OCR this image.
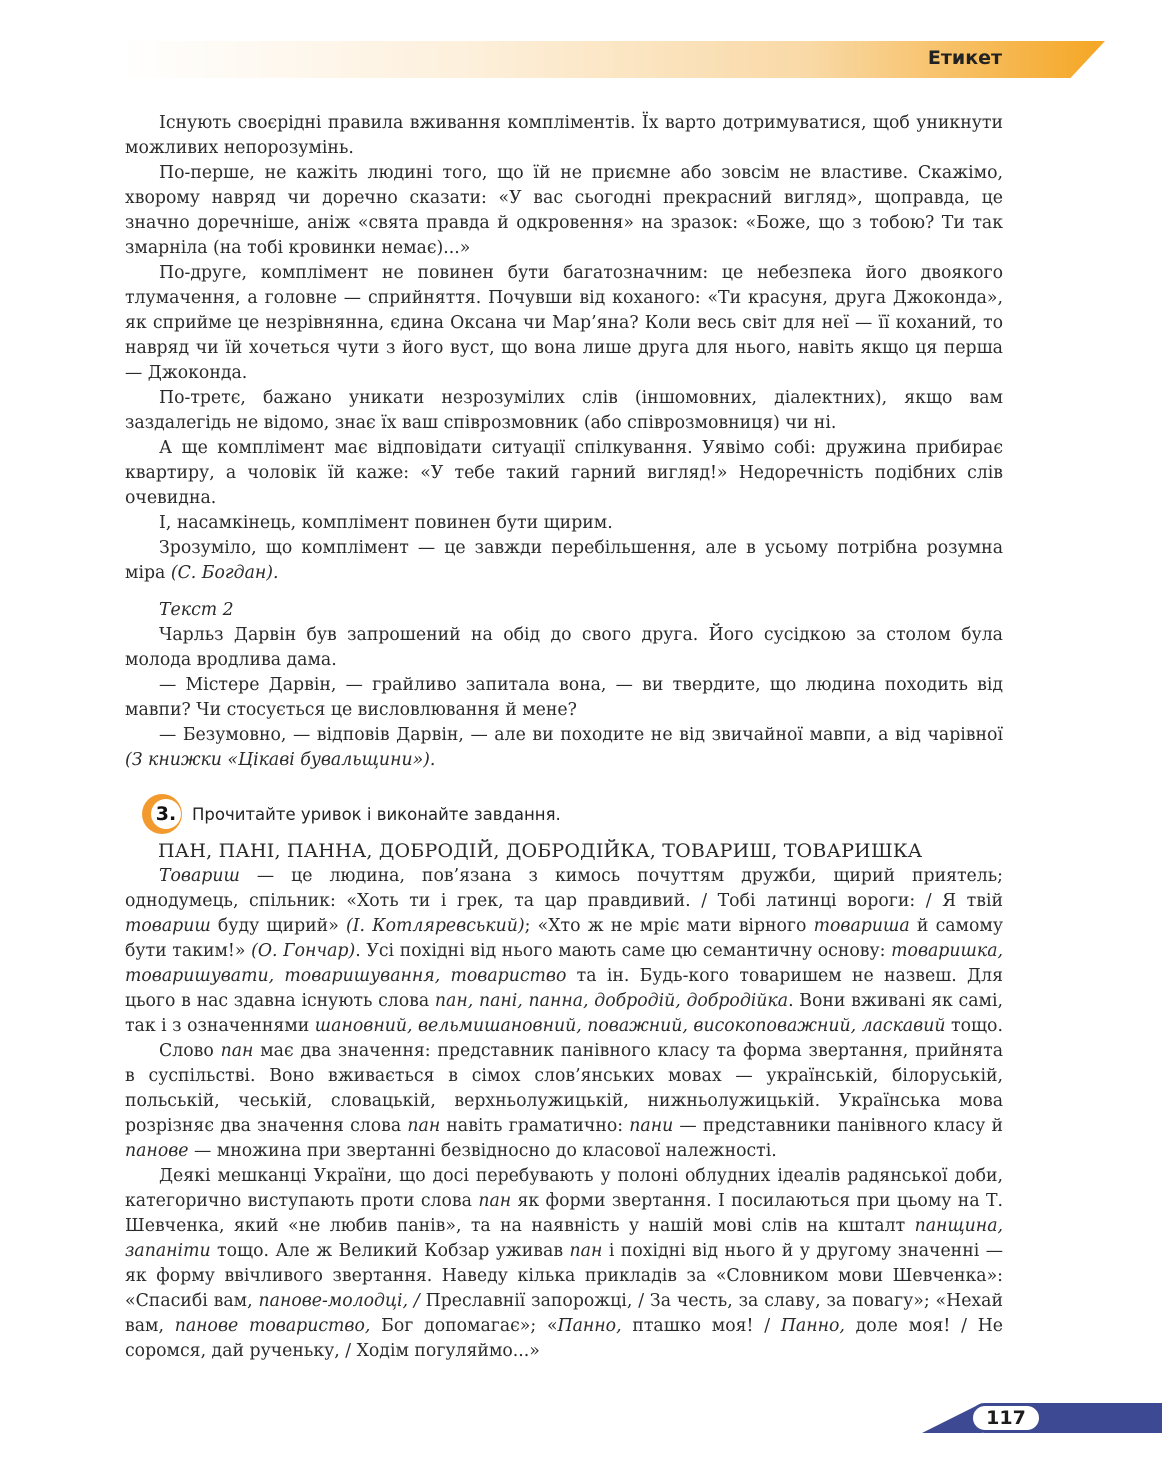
Етикет

Існують своєрідні правила вживання компліментів. Їх варто дотримуватися, щоб уникнути можливих непорозумінь.

По-перше, не кажіть людині того, що їй не приємне або зовсім не властиве. Скажімо, хворому навряд чи доречно сказати: «У вас сьогодні прекрасний вигляд», щоправда, це значно доречніше, аніж «свята правда й одкровення» на зразок: «Боже, що з тобою? Ти так змарніла (на тобі кровинки немає)...»

По-друге, комплімент не повинен бути багатозначним: це небезпека його двоякого тлумачення, а головне — сприйняття. Почувши від коханого: «Ти красуня, друга Джоконда», як сприйме це незрівнянна, єдина Оксана чи Мар’яна? Коли весь світ для неї — її коханий, то навряд чи їй хочеться чути з його вуст, що вона лише друга для нього, навіть якщо ця перша — Джоконда.

По-третє, бажано уникати незрозумілих слів (іншомовних, діалектних), якщо вам заздалегідь не відомо, знає їх ваш співрозмовник (або співрозмовниця) чи ні.

А ще комплімент має відповідати ситуації спілкування. Уявімо собі: дружина прибирає квартиру, а чоловік їй каже: «У тебе такий гарний вигляд!» Недоречність подібних слів очевидна.

І, насамкінець, комплімент повинен бути щирим.

Зрозуміло, що комплімент — це завжди перебільшення, але в усьому потрібна розумна міра (С. Богдан).

Текст 2

Чарльз Дарвін був запрошений на обід до свого друга. Його сусідкою за столом була молода вродлива дама.

— Містере Дарвін, — грайливо запитала вона, — ви твердите, що людина походить від мавпи? Чи стосується це висловлювання й мене?

— Безумовно, — відповів Дарвін, — але ви походите не від звичайної мавпи, а від чарівної (З книжки «Цікаві бувальщини»).

3. Прочитайте уривок і виконайте завдання.

ПАН, ПАНІ, ПАННА, ДОБРОДІЙ, ДОБРОДІЙКА, ТОВАРИШ, ТОВАРИШКА

Товариш — це людина, пов’язана з кимось почуттям дружби, щирий приятель; однодумець, спільник: «Хоть ти і грек, та цар правдивий. / Тобі латинці вороги: / Я твій товариш буду щирий» (І. Котляревський); «Хто ж не мріє мати вірного товариша й самому бути таким!» (О. Гончар). Усі похідні від нього мають саме цю семантичну основу: товаришка, товаришувати, товаришування, товариство та ін. Будь-кого товаришем не назвеш. Для цього в нас здавна існують слова пан, пані, панна, добродій, добродійка. Вони вживані як самі, так і з означеннями шановний, вельмишановний, поважний, високоповажний, ласкавий тощо.

Слово пан має два значення: представник панівного класу та форма звертання, прийнята в суспільстві. Воно вживається в сімох слов’янських мовах — українській, білоруській, польській, чеській, словацькій, верхньолужицькій, нижньолужицькій. Українська мова розрізняє два значення слова пан навіть граматично: пани — представники панівного класу й панове — множина при звертанні безвідносно до класової належності.

Деякі мешканці України, що досі перебувають у полоні облудних ідеалів радянської доби, категорично виступають проти слова пан як форми звертання. І посилаються при цьому на Т. Шевченка, який «не любив панів», та на наявність у нашій мові слів на кшталт панщина, запаніти тощо. Але ж Великий Кобзар уживав пан і похідні від нього й у другому значенні — як форму ввічливого звертання. Наведу кілька прикладів за «Словником мови Шевченка»: «Спасибі вам, панове-молодці, / Преславнії запорожці, / За честь, за славу, за повагу»; «Нехай вам, панове товариство, Бог допомагає»; «Панно, пташко моя! / Панно, доле моя! / Не соромся, дай рученьку, / Ходім погуляймо...»

117
